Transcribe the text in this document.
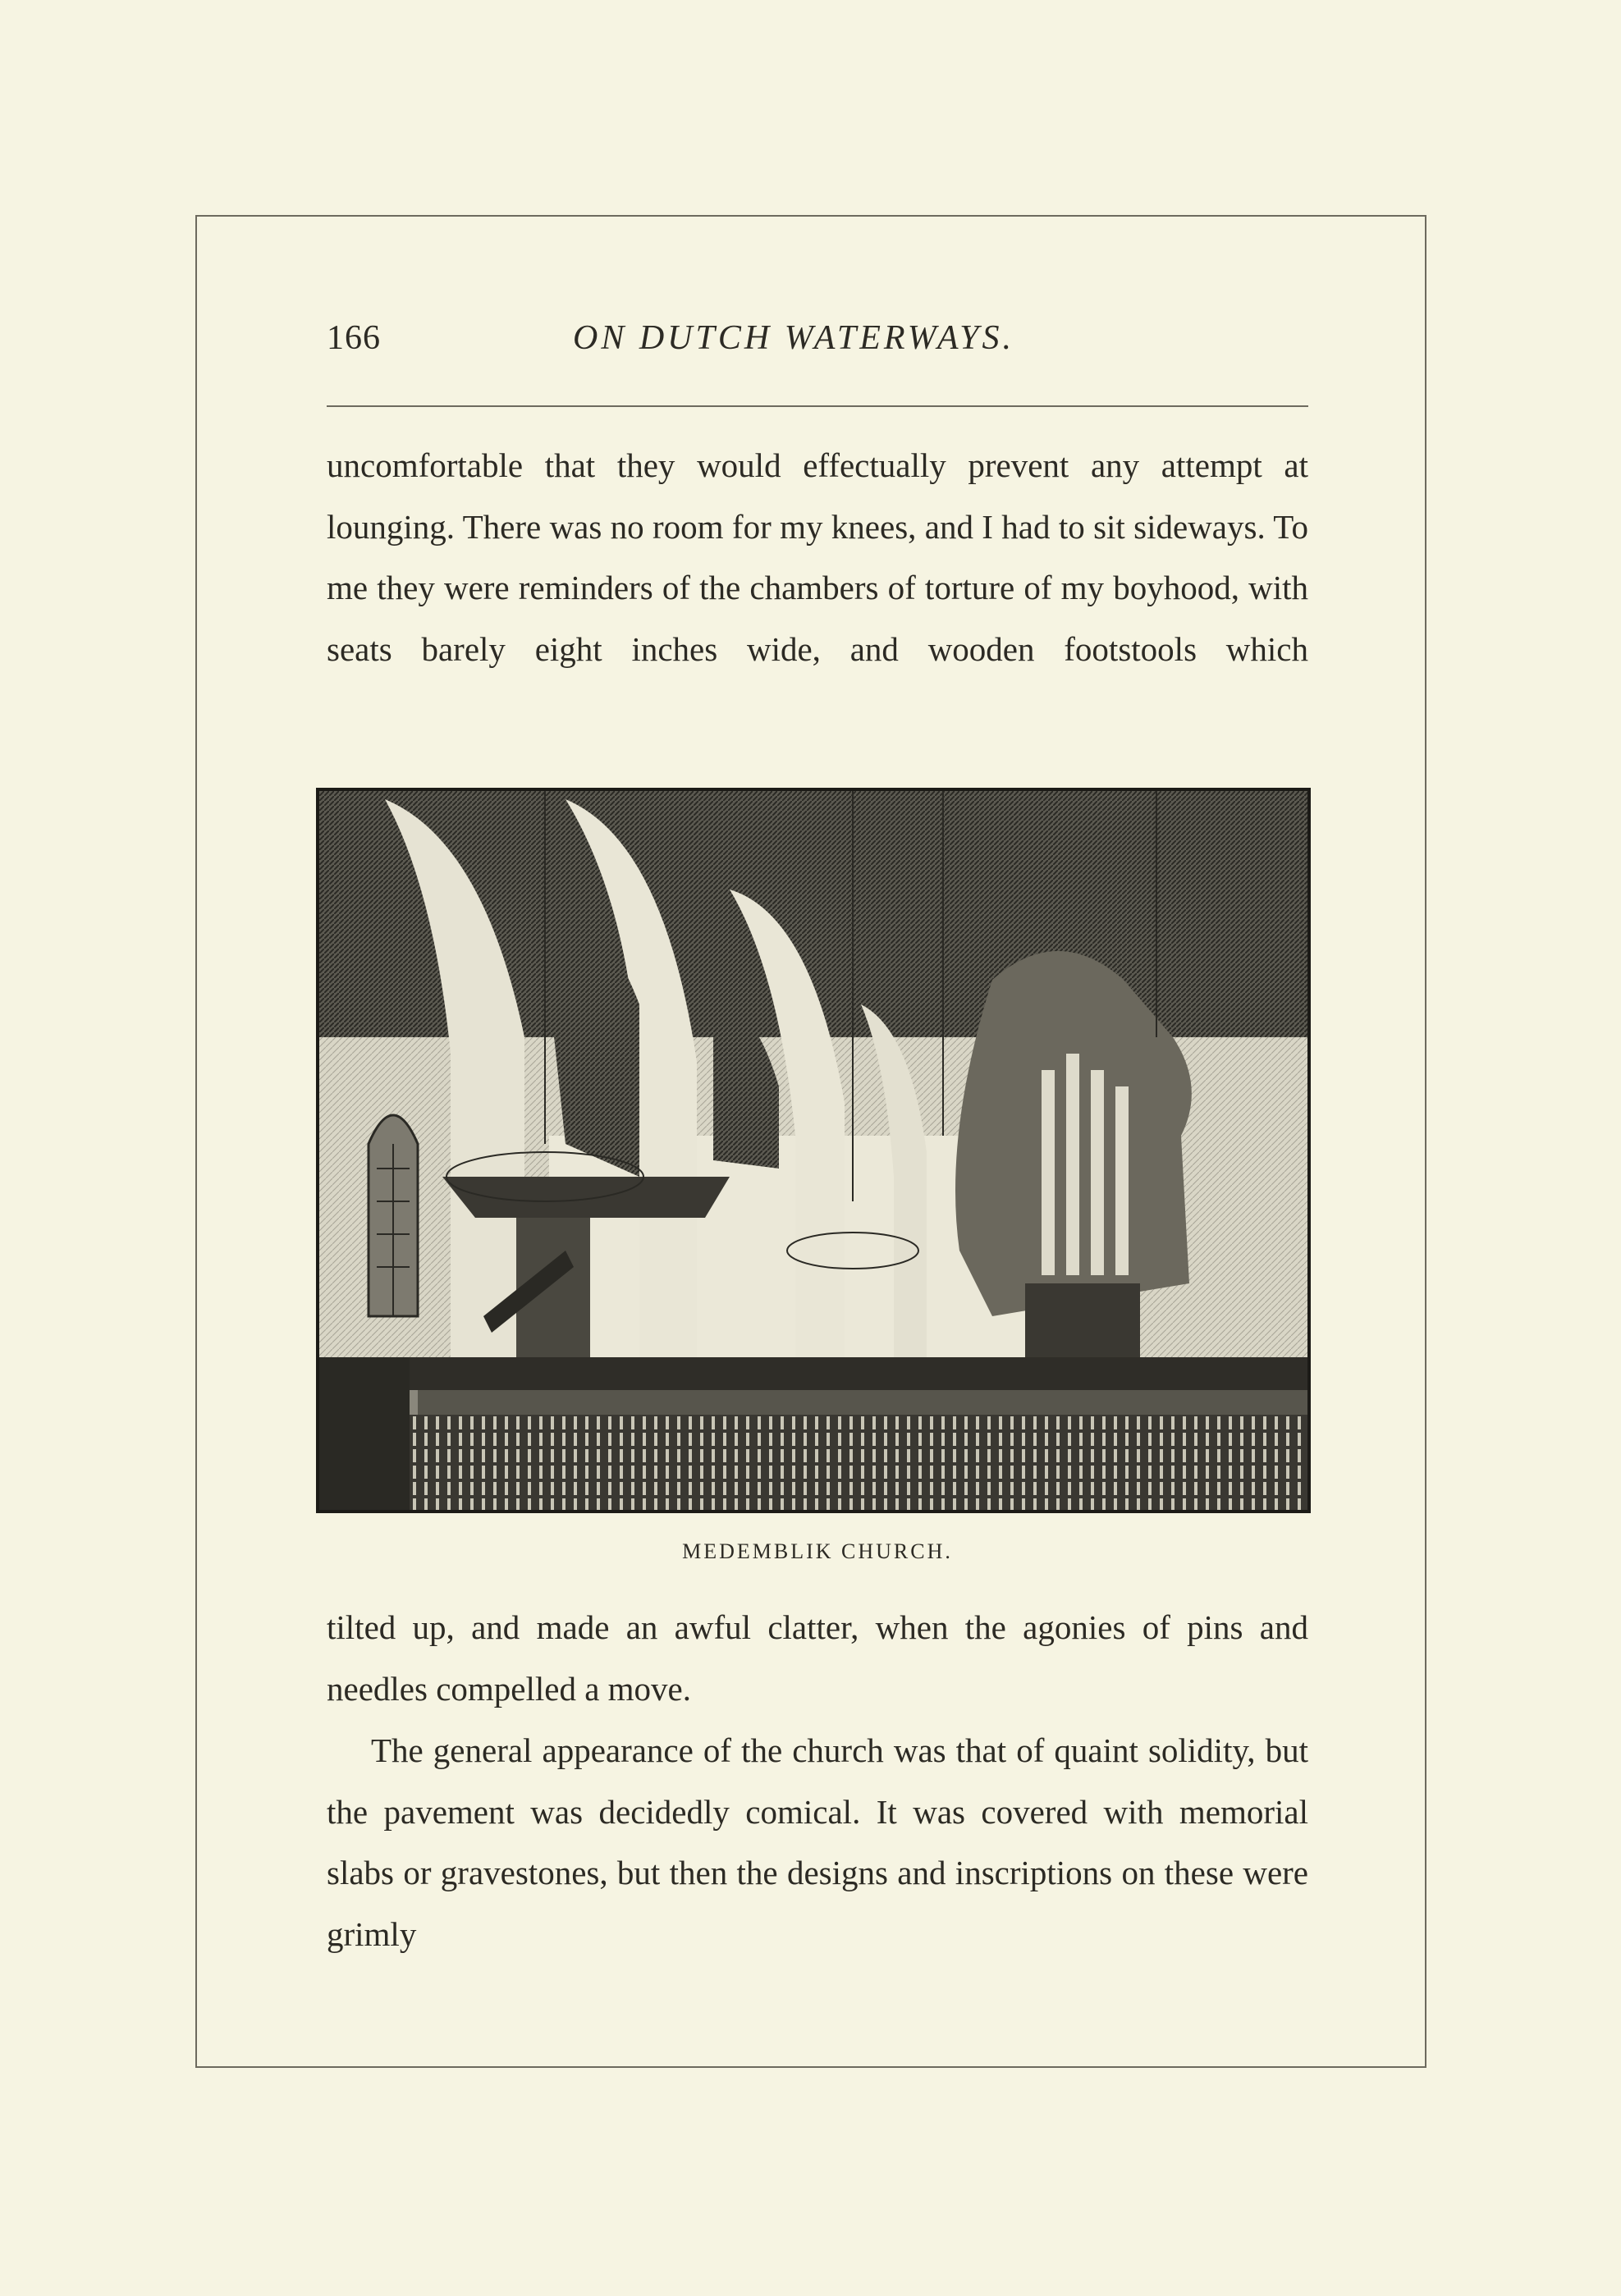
166	ON DUTCH WATERWAYS.

uncomfortable that they would effectually prevent any attempt at lounging. There was no room for my knees, and I had to sit sideways. To me they were reminders of the chambers of torture of my boyhood, with seats barely eight inches wide, and wooden footstools which

MEDEMBLIK CHURCH.

tilted up, and made an awful clatter, when the agonies of pins and needles compelled a move.

The general appearance of the church was that of quaint solidity, but the pavement was decidedly comical. It was covered with memorial slabs or gravestones, but then the designs and inscriptions on these were grimly
